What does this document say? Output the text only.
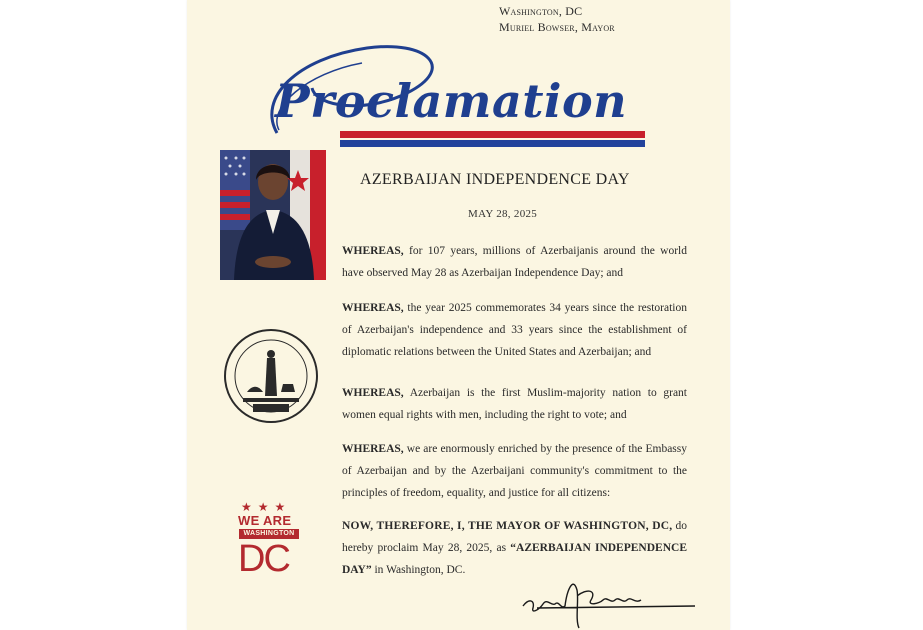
Washington, DC
Muriel Bowser, Mayor
Proclamation
★★★
WE ARE
WASHINGTON
DC
AZERBAIJAN INDEPENDENCE DAY
MAY 28, 2025

WHEREAS, for 107 years, millions of Azerbaijanis around the world have observed May 28 as Azerbaijan Independence Day; and

WHEREAS, the year 2025 commemorates 34 years since the restoration of Azerbaijan's independence and 33 years since the establishment of diplomatic relations between the United States and Azerbaijan; and

WHEREAS, Azerbaijan is the first Muslim-majority nation to grant women equal rights with men, including the right to vote; and

WHEREAS, we are enormously enriched by the presence of the Embassy of Azerbaijan and by the Azerbaijani community's commitment to the principles of freedom, equality, and justice for all citizens:

NOW, THEREFORE, I, THE MAYOR OF WASHINGTON, DC, do hereby proclaim May 28, 2025, as “AZERBAIJAN INDEPENDENCE DAY” in Washington, DC.
